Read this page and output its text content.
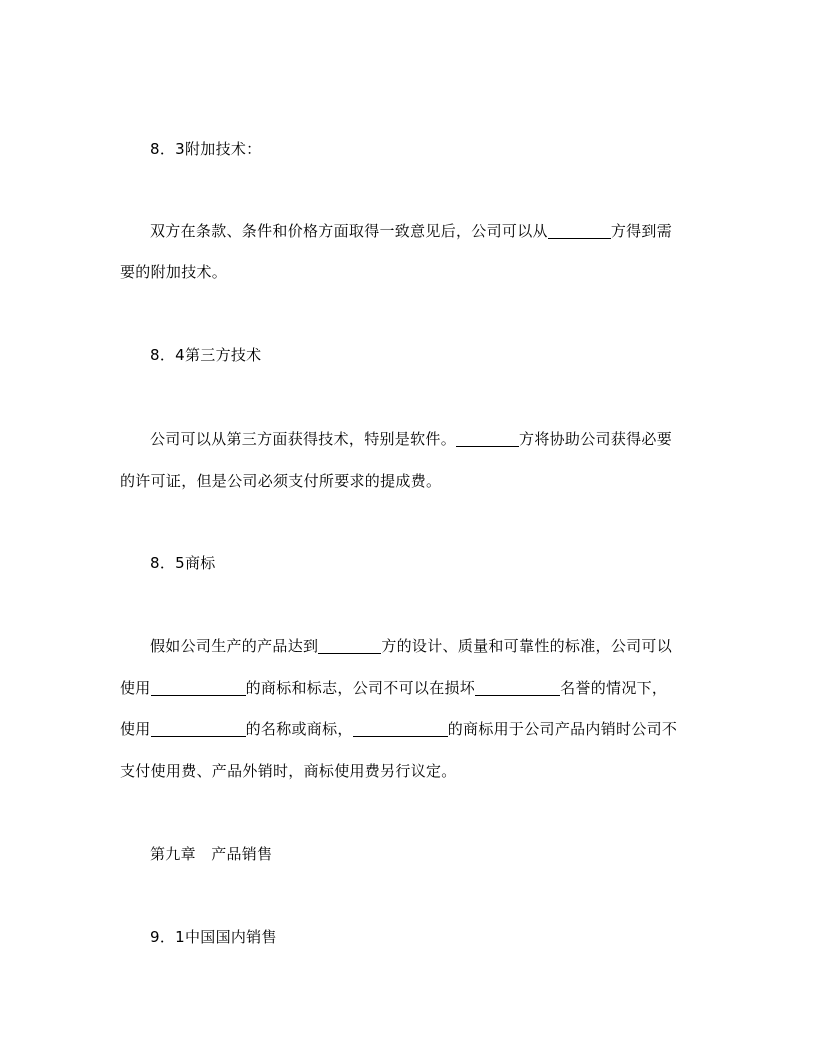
8．3附加技术：
双方在条款、条件和价格方面取得一致意见后，公司可以从	方得到需
要的附加技术。
8．4第三方技术
公司可以从第三方面获得技术，特别是软件。	方将协助公司获得必要
的许可证，但是公司必须支付所要求的提成费。
8．5商标
假如公司生产的产品达到	方的设计、质量和可靠性的标准，公司可以
使用	的商标和标志，公司不可以在损坏	名誉的情况下，
使用	的名称或商标，	的商标用于公司产品内销时公司不
支付使用费、产品外销时，商标使用费另行议定。
第九章　产品销售
9．1中国国内销售
